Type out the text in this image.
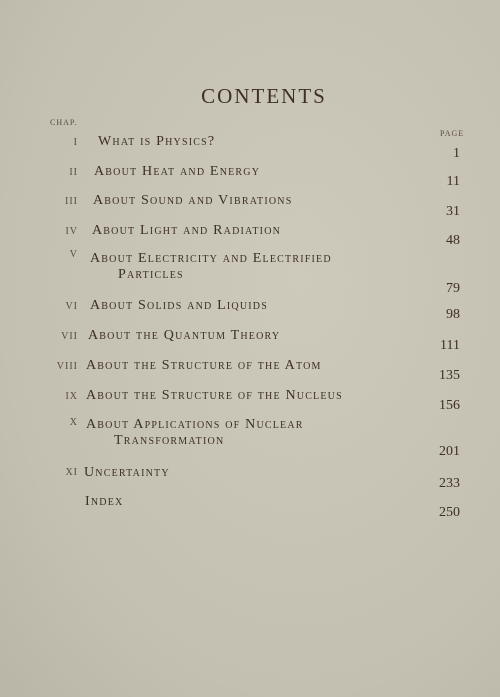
CONTENTS
CHAP.
PAGE
I What is Physics?
1
II About Heat and Energy
11
III About Sound and Vibrations
31
IV About Light and Radiation
48
V About Electricity and Electrified
Particles
79
VI About Solids and Liquids
98
VII About the Quantum Theory
111
VIII About the Structure of the Atom
135
IX About the Structure of the Nucleus
156
X About Applications of Nuclear
Transformation
201
XI Uncertainty
233
Index
250
